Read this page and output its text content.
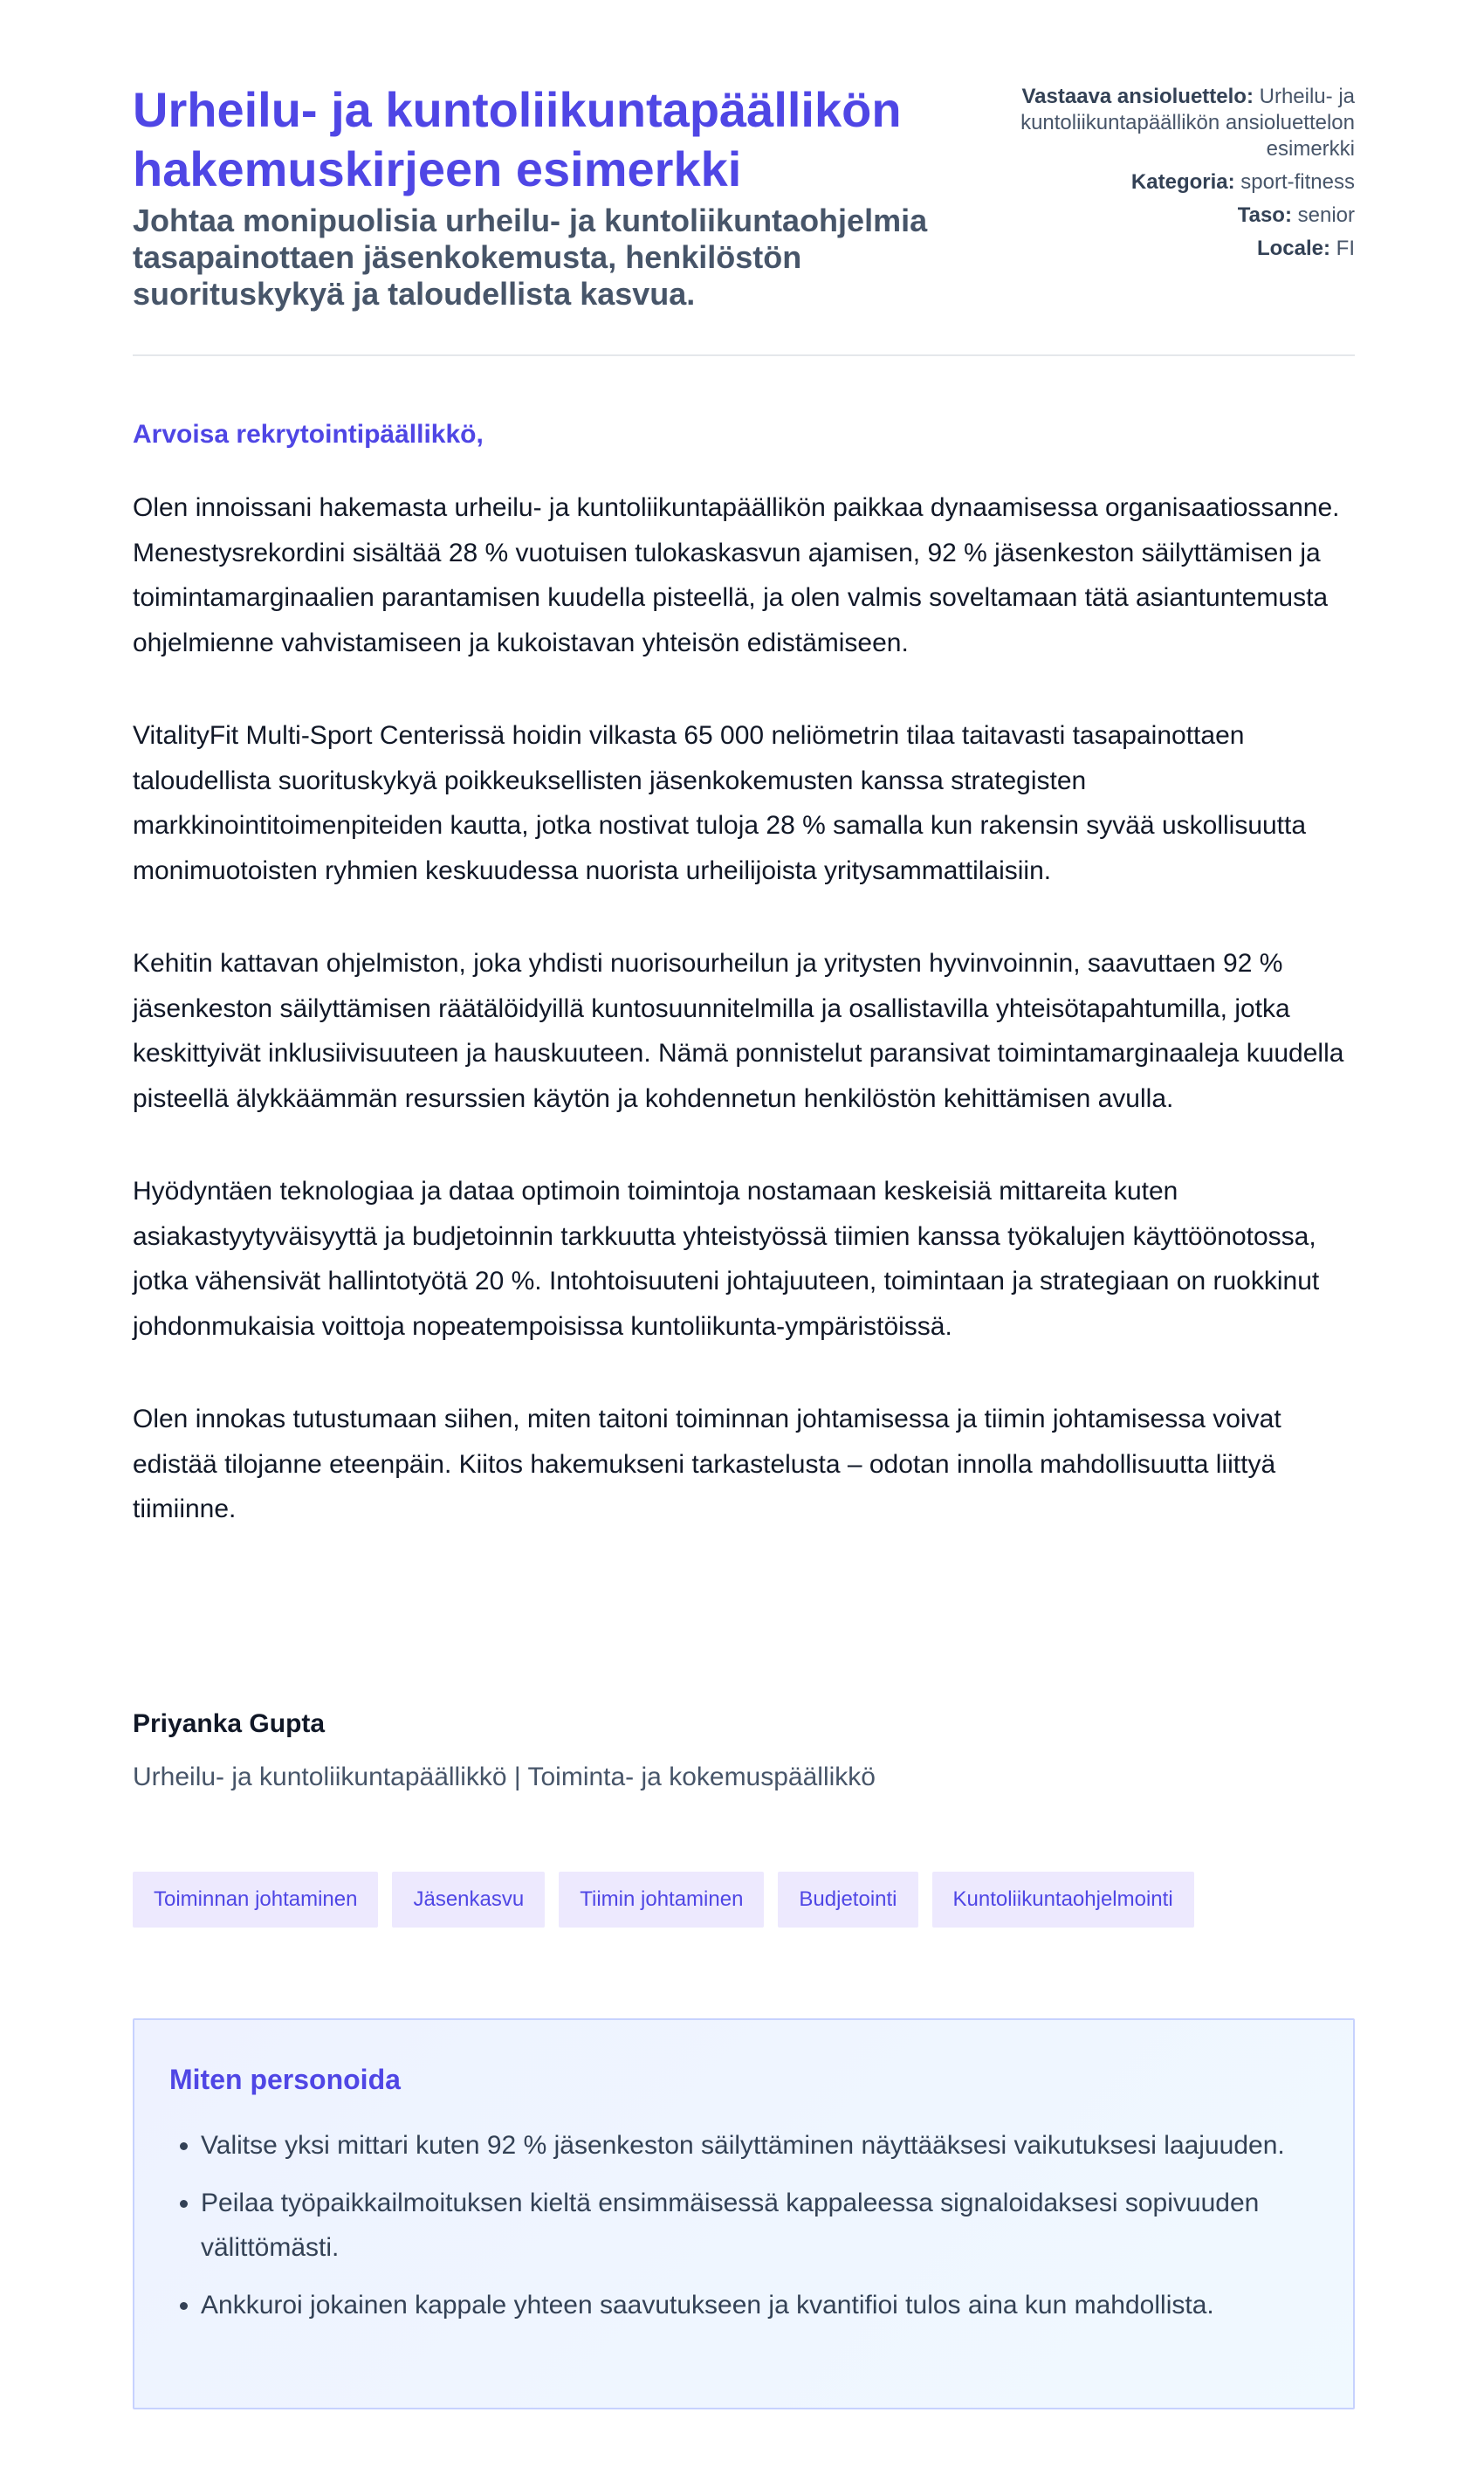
Urheilu- ja kuntoliikuntapäällikön hakemuskirjeen esimerkki
Johtaa monipuolisia urheilu- ja kuntoliikuntaohjelmia tasapainottaen jäsenkokemusta, henkilöstön suorituskykyä ja taloudellista kasvua.
Vastaava ansioluettelo: Urheilu- ja kuntoliikuntapäällikön ansioluettelon esimerkki
Kategoria: sport-fitness
Taso: senior
Locale: FI
Arvoisa rekrytointipäällikkö,

Olen innoissani hakemasta urheilu- ja kuntoliikuntapäällikön paikkaa dynaamisessa organisaatiossanne. Menestysrekordini sisältää 28 % vuotuisen tulokaskasvun ajamisen, 92 % jäsenkeston säilyttämisen ja toimintamarginaalien parantamisen kuudella pisteellä, ja olen valmis soveltamaan tätä asiantuntemusta ohjelmienne vahvistamiseen ja kukoistavan yhteisön edistämiseen.

VitalityFit Multi-Sport Centerissä hoidin vilkasta 65 000 neliömetrin tilaa taitavasti tasapainottaen taloudellista suorituskykyä poikkeuksellisten jäsenkokemusten kanssa strategisten markkinointitoimenpiteiden kautta, jotka nostivat tuloja 28 % samalla kun rakensin syvää uskollisuutta monimuotoisten ryhmien keskuudessa nuorista urheilijoista yritysammattilaisiin.

Kehitin kattavan ohjelmiston, joka yhdisti nuorisourheilun ja yritysten hyvinvoinnin, saavuttaen 92 % jäsenkeston säilyttämisen räätälöidyillä kuntosuunnitelmilla ja osallistavilla yhteisötapahtumilla, jotka keskittyivät inklusiivisuuteen ja hauskuuteen. Nämä ponnistelut paransivat toimintamarginaaleja kuudella pisteellä älykkäämmän resurssien käytön ja kohdennetun henkilöstön kehittämisen avulla.

Hyödyntäen teknologiaa ja dataa optimoin toimintoja nostamaan keskeisiä mittareita kuten asiakastyytyväisyyttä ja budjetoinnin tarkkuutta yhteistyössä tiimien kanssa työkalujen käyttöönotossa, jotka vähensivät hallintotyötä 20 %. Intohtoisuuteni johtajuuteen, toimintaan ja strategiaan on ruokkinut johdonmukaisia voittoja nopeatempoisissa kuntoliikunta-ympäristöissä.

Olen innokas tutustumaan siihen, miten taitoni toiminnan johtamisessa ja tiimin johtamisessa voivat edistää tilojanne eteenpäin. Kiitos hakemukseni tarkastelusta – odotan innolla mahdollisuutta liittyä tiimiinne.

Priyanka Gupta
Urheilu- ja kuntoliikuntapäällikkö | Toiminta- ja kokemuspäällikkö
Toiminnan johtaminen	Jäsenkasvu	Tiimin johtaminen	Budjetointi	Kuntoliikuntaohjelmointi
Miten personoida
• Valitse yksi mittari kuten 92 % jäsenkeston säilyttäminen näyttääksesi vaikutuksesi laajuuden.
• Peilaa työpaikkailmoituksen kieltä ensimmäisessä kappaleessa signaloidaksesi sopivuuden välittömästi.
• Ankkuroi jokainen kappale yhteen saavutukseen ja kvantifioi tulos aina kun mahdollista.
